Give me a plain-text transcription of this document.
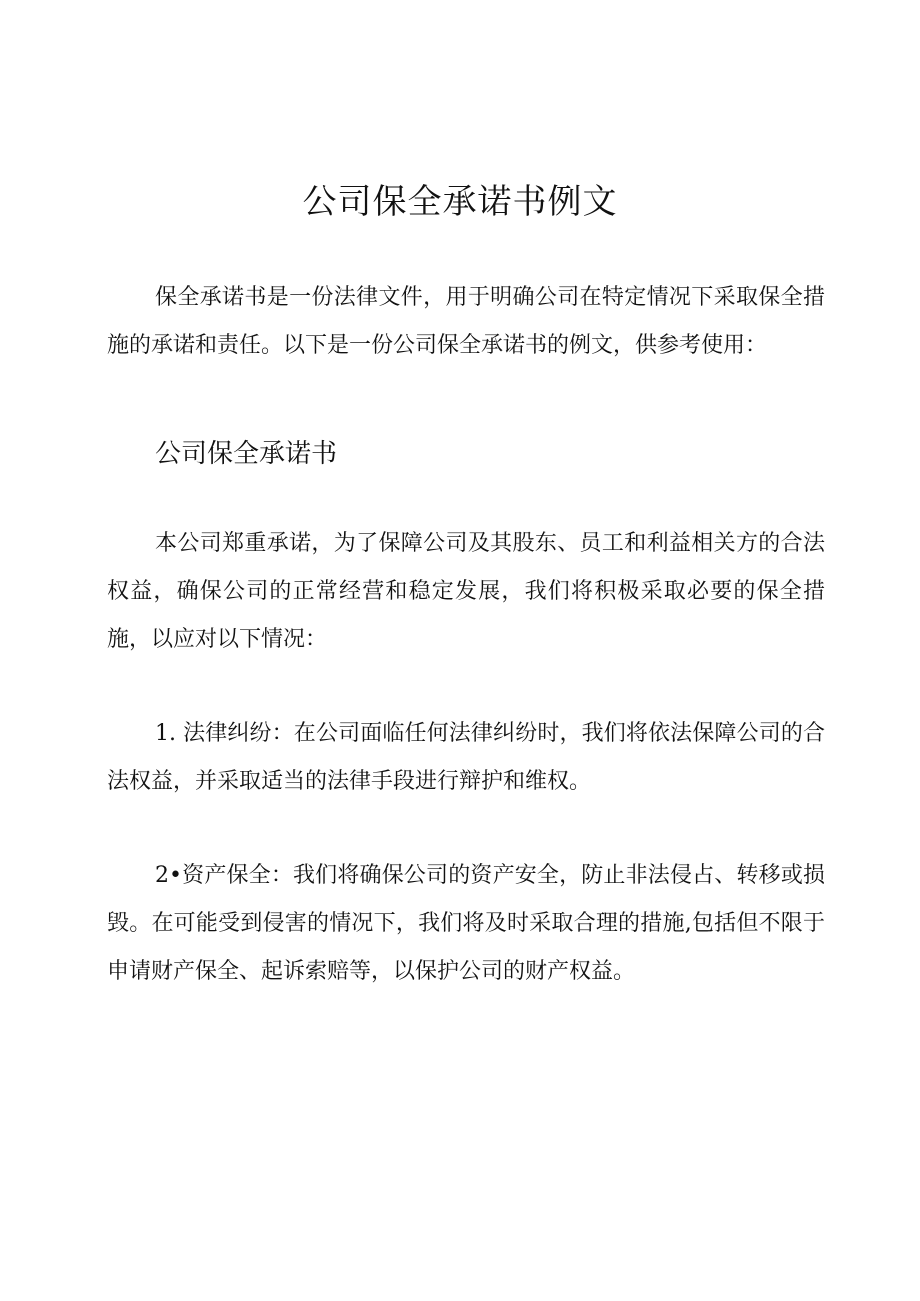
公司保全承诺书例文

保全承诺书是一份法律文件，用于明确公司在特定情况下采取保全措施的承诺和责任。以下是一份公司保全承诺书的例文，供参考使用：

公司保全承诺书

本公司郑重承诺，为了保障公司及其股东、员工和利益相关方的合法权益，确保公司的正常经营和稳定发展，我们将积极采取必要的保全措施，以应对以下情况：

1. 法律纠纷：在公司面临任何法律纠纷时，我们将依法保障公司的合法权益，并采取适当的法律手段进行辩护和维权。

2•资产保全：我们将确保公司的资产安全，防止非法侵占、转移或损毁。在可能受到侵害的情况下，我们将及时采取合理的措施,包括但不限于申请财产保全、起诉索赔等，以保护公司的财产权益。
